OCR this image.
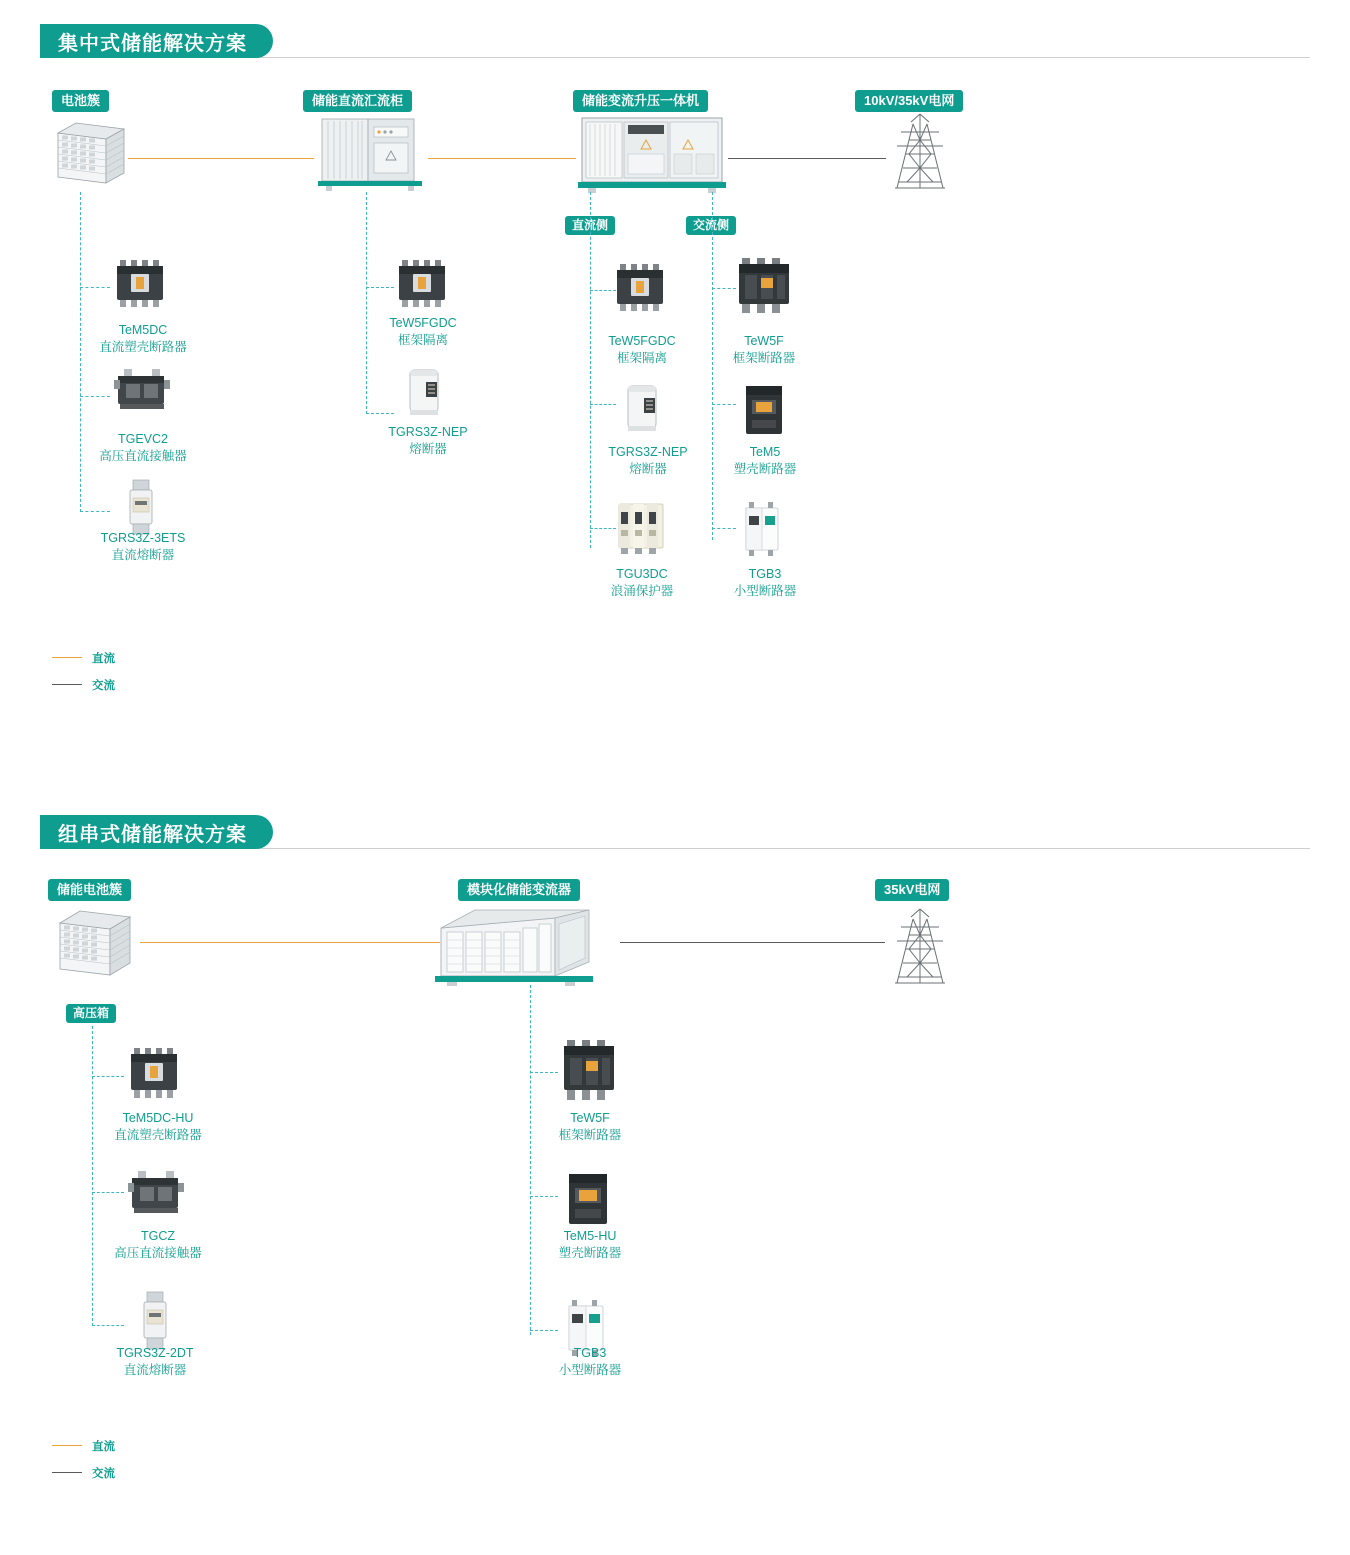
集中式储能解决方案
电池簇	储能直流汇流柜	储能变流升压一体机	10kV/35kV电网
直流侧	交流侧
TeM5DC
直流塑壳断路器
TGEVC2
高压直流接触器
TGRS3Z-3ETS
直流熔断器
TeW5FGDC
框架隔离
TGRS3Z-NEP
熔断器
TeW5FGDC
框架隔离
TGRS3Z-NEP
熔断器
TGU3DC
浪涌保护器
TeW5F
框架断路器
TeM5
塑壳断路器
TGB3
小型断路器
直流
交流
组串式储能解决方案
储能电池簇	模块化储能变流器	35kV电网
高压箱
TeM5DC-HU
直流塑壳断路器
TGCZ
高压直流接触器
TGRS3Z-2DT
直流熔断器
TeW5F
框架断路器
TeM5-HU
塑壳断路器
TGB3
小型断路器
直流
交流
